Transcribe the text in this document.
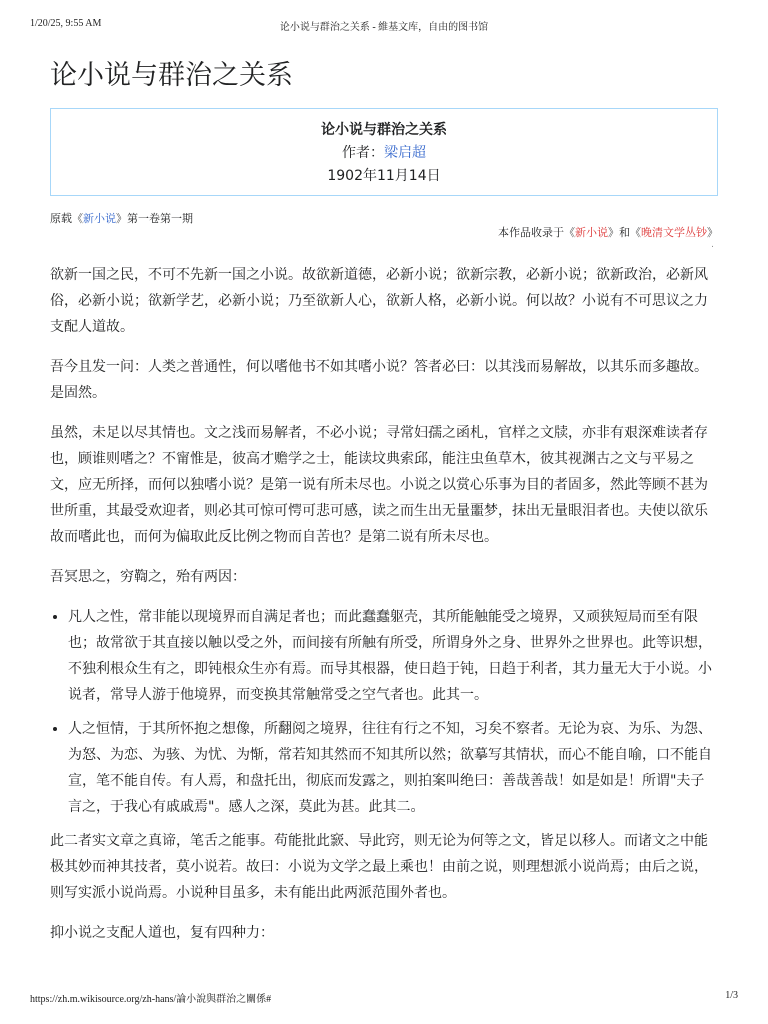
1/20/25, 9:55 AM	论小说与群治之关系 - 維基文库，自由的图书馆
论小说与群治之关系
论小说与群治之关系
作者：梁启超
1902年11月14日
原载《新小说》第一卷第一期
本作品收录于《新小说》和《晚清文学丛钞》
.

欲新一国之民，不可不先新一国之小说。故欲新道德，必新小说；欲新宗教，必新小说；欲新政治，必新风俗，必新小说；欲新学艺，必新小说；乃至欲新人心，欲新人格，必新小说。何以故？小说有不可思议之力支配人道故。

吾今且发一问：人类之普通性，何以嗜他书不如其嗜小说？答者必曰：以其浅而易解故，以其乐而多趣故。是固然。

虽然，未足以尽其情也。文之浅而易解者，不必小说；寻常妇孺之函札，官样之文牍，亦非有艰深难读者存也，顾谁则嗜之？不甯惟是，彼高才赡学之士，能读坟典索邱，能注虫鱼草木，彼其视渊古之文与平易之文，应无所择，而何以独嗜小说？是第一说有所未尽也。小说之以赏心乐事为目的者固多，然此等顾不甚为世所重，其最受欢迎者，则必其可惊可愕可悲可感，读之而生出无量噩梦，抹出无量眼泪者也。夫使以欲乐故而嗜此也，而何为偏取此反比例之物而自苦也？是第二说有所未尽也。

吾冥思之，穷鞫之，殆有两因：

• 凡人之性，常非能以现境界而自满足者也；而此蠢蠢躯壳，其所能触能受之境界，又顽狭短局而至有限也；故常欲于其直接以触以受之外，而间接有所触有所受，所谓身外之身、世界外之世界也。此等识想，不独利根众生有之，即钝根众生亦有焉。而导其根器，使日趋于钝，日趋于利者，其力量无大于小说。小说者，常导人游于他境界，而变换其常触常受之空气者也。此其一。
• 人之恒情，于其所怀抱之想像，所翻阅之境界，往往有行之不知，习矣不察者。无论为哀、为乐、为怨、为怒、为恋、为骇、为忧、为惭，常若知其然而不知其所以然；欲摹写其情状，而心不能自喻，口不能自宣，笔不能自传。有人焉，和盘托出，彻底而发露之，则拍案叫绝曰：善哉善哉！如是如是！所谓"夫子言之，于我心有戚戚焉"。感人之深，莫此为甚。此其二。

此二者实文章之真谛，笔舌之能事。苟能批此窾、导此窍，则无论为何等之文，皆足以移人。而诸文之中能极其妙而神其技者，莫小说若。故曰：小说为文学之最上乘也！由前之说，则理想派小说尚焉；由后之说，则写实派小说尚焉。小说种目虽多，未有能出此两派范围外者也。

抑小说之支配人道也，复有四种力：

https://zh.m.wikisource.org/zh-hans/論小說與群治之關係#	1/3
